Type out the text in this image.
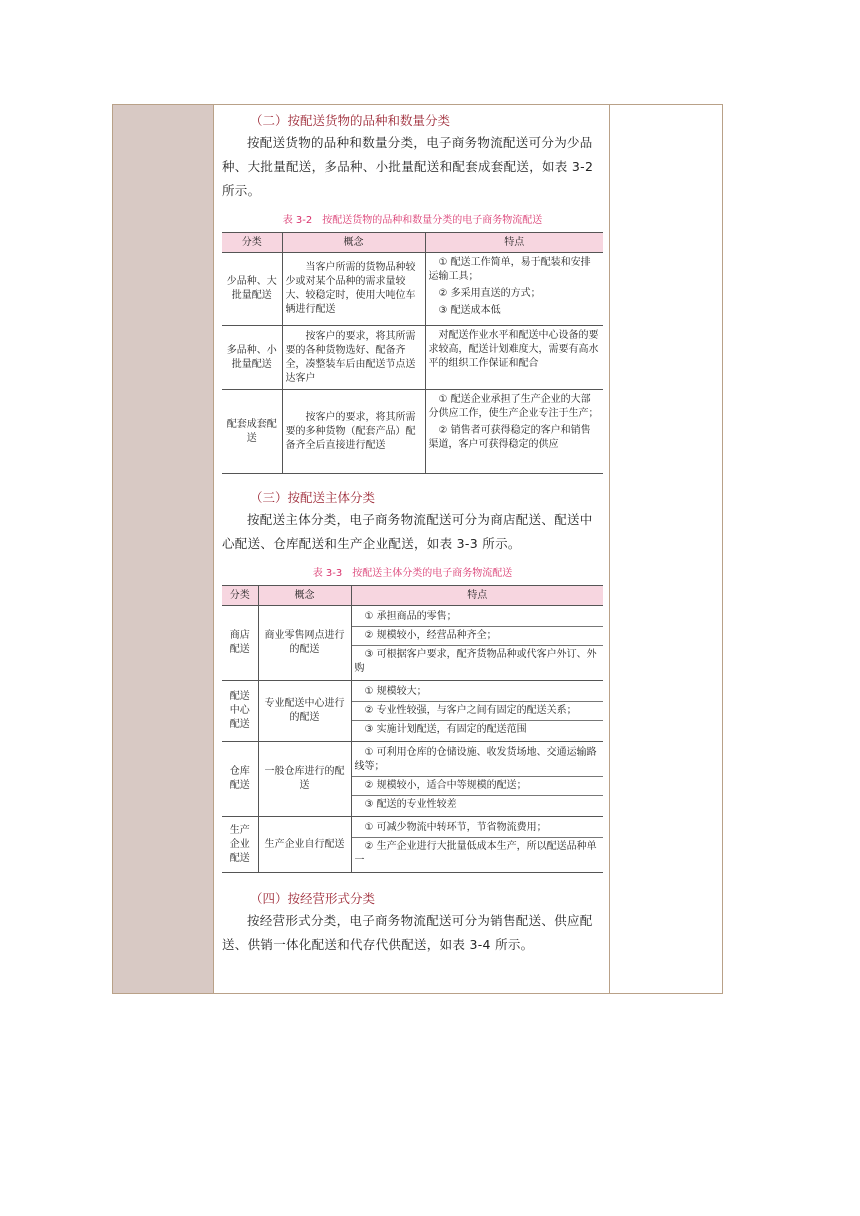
（二）按配送货物的品种和数量分类
按配送货物的品种和数量分类，电子商务物流配送可分为少品种、大批量配送，多品种、小批量配送和配套成套配送，如表 3-2 所示。
表 3-2　按配送货物的品种和数量分类的电子商务物流配送
分类	概念	特点
少品种、大批量配送	当客户所需的货物品种较少或对某个品种的需求量较大、较稳定时，使用大吨位车辆进行配送	① 配送工作简单，易于配装和安排运输工具；
② 多采用直送的方式；
③ 配送成本低

多品种、小批量配送	按客户的要求，将其所需要的各种货物选好、配备齐全，凑整装车后由配送节点送达客户	对配送作业水平和配送中心设备的要求较高，配送计划难度大，需要有高水平的组织工作保证和配合

配套成套配送	按客户的要求，将其所需要的多种货物（配套产品）配备齐全后直接进行配送	① 配送企业承担了生产企业的大部分供应工作，使生产企业专注于生产；
② 销售者可获得稳定的客户和销售渠道，客户可获得稳定的供应
（三）按配送主体分类
按配送主体分类，电子商务物流配送可分为商店配送、配送中心配送、仓库配送和生产企业配送，如表 3-3 所示。
表 3-3　按配送主体分类的电子商务物流配送
分类	概念	特点
商店配送	商业零售网点进行的配送	① 承担商品的零售；
② 规模较小，经营品种齐全；
③ 可根据客户要求，配齐货物品种或代客户外订、外购

配送中心配送	专业配送中心进行的配送	① 规模较大；
② 专业性较强，与客户之间有固定的配送关系；
③ 实施计划配送，有固定的配送范围

仓库配送	一般仓库进行的配送	① 可利用仓库的仓储设施、收发货场地、交通运输路线等；
② 规模较小，适合中等规模的配送；
③ 配送的专业性较差

生产企业配送	生产企业自行配送	① 可减少物流中转环节，节省物流费用；
② 生产企业进行大批量低成本生产，所以配送品种单一
（四）按经营形式分类
按经营形式分类，电子商务物流配送可分为销售配送、供应配送、供销一体化配送和代存代供配送，如表 3-4 所示。
